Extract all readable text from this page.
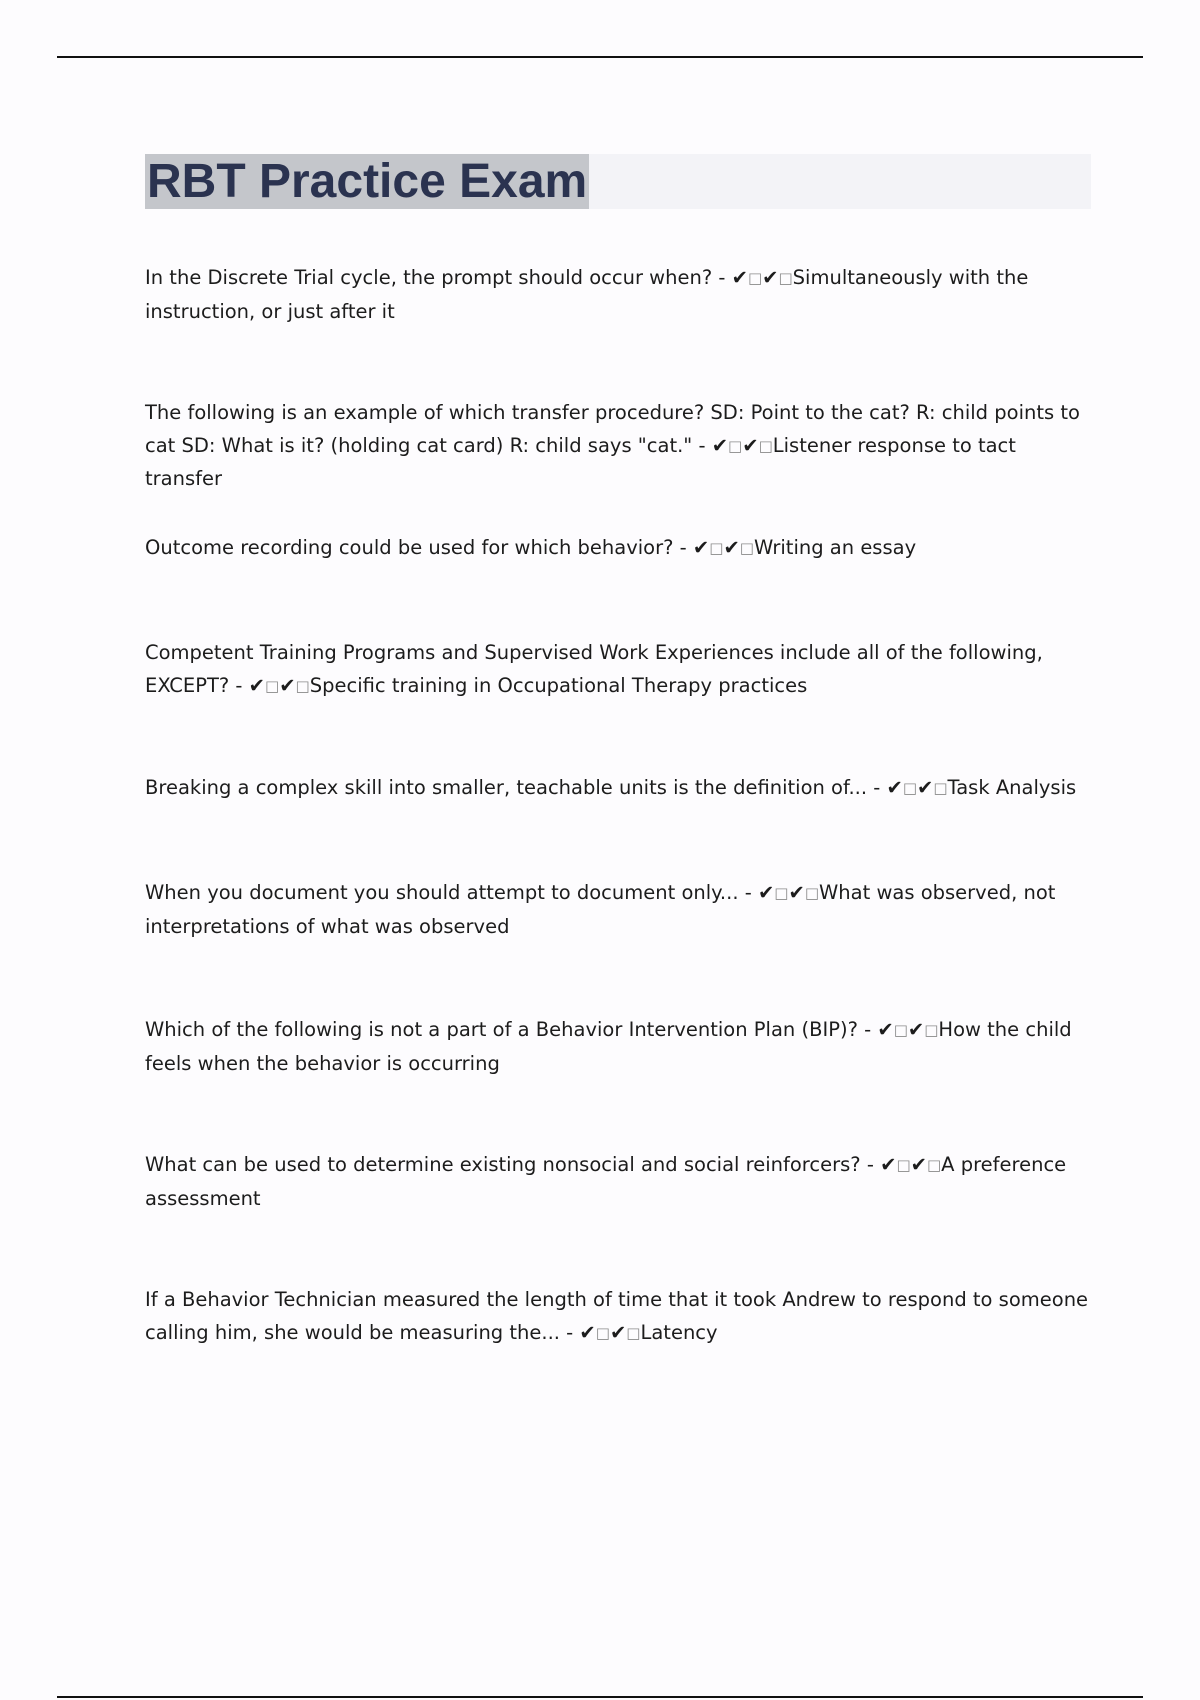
RBT Practice Exam
In the Discrete Trial cycle, the prompt should occur when? - ✔□✔□Simultaneously with the instruction, or just after it
The following is an example of which transfer procedure? SD: Point to the cat? R: child points to cat SD: What is it? (holding cat card) R: child says "cat." - ✔□✔□Listener response to tact transfer
Outcome recording could be used for which behavior? - ✔□✔□Writing an essay
Competent Training Programs and Supervised Work Experiences include all of the following, EXCEPT? - ✔□✔□Specific training in Occupational Therapy practices
Breaking a complex skill into smaller, teachable units is the definition of... - ✔□✔□Task Analysis
When you document you should attempt to document only... - ✔□✔□What was observed, not interpretations of what was observed
Which of the following is not a part of a Behavior Intervention Plan (BIP)? - ✔□✔□How the child feels when the behavior is occurring
What can be used to determine existing nonsocial and social reinforcers? - ✔□✔□A preference assessment
If a Behavior Technician measured the length of time that it took Andrew to respond to someone calling him, she would be measuring the... - ✔□✔□Latency
